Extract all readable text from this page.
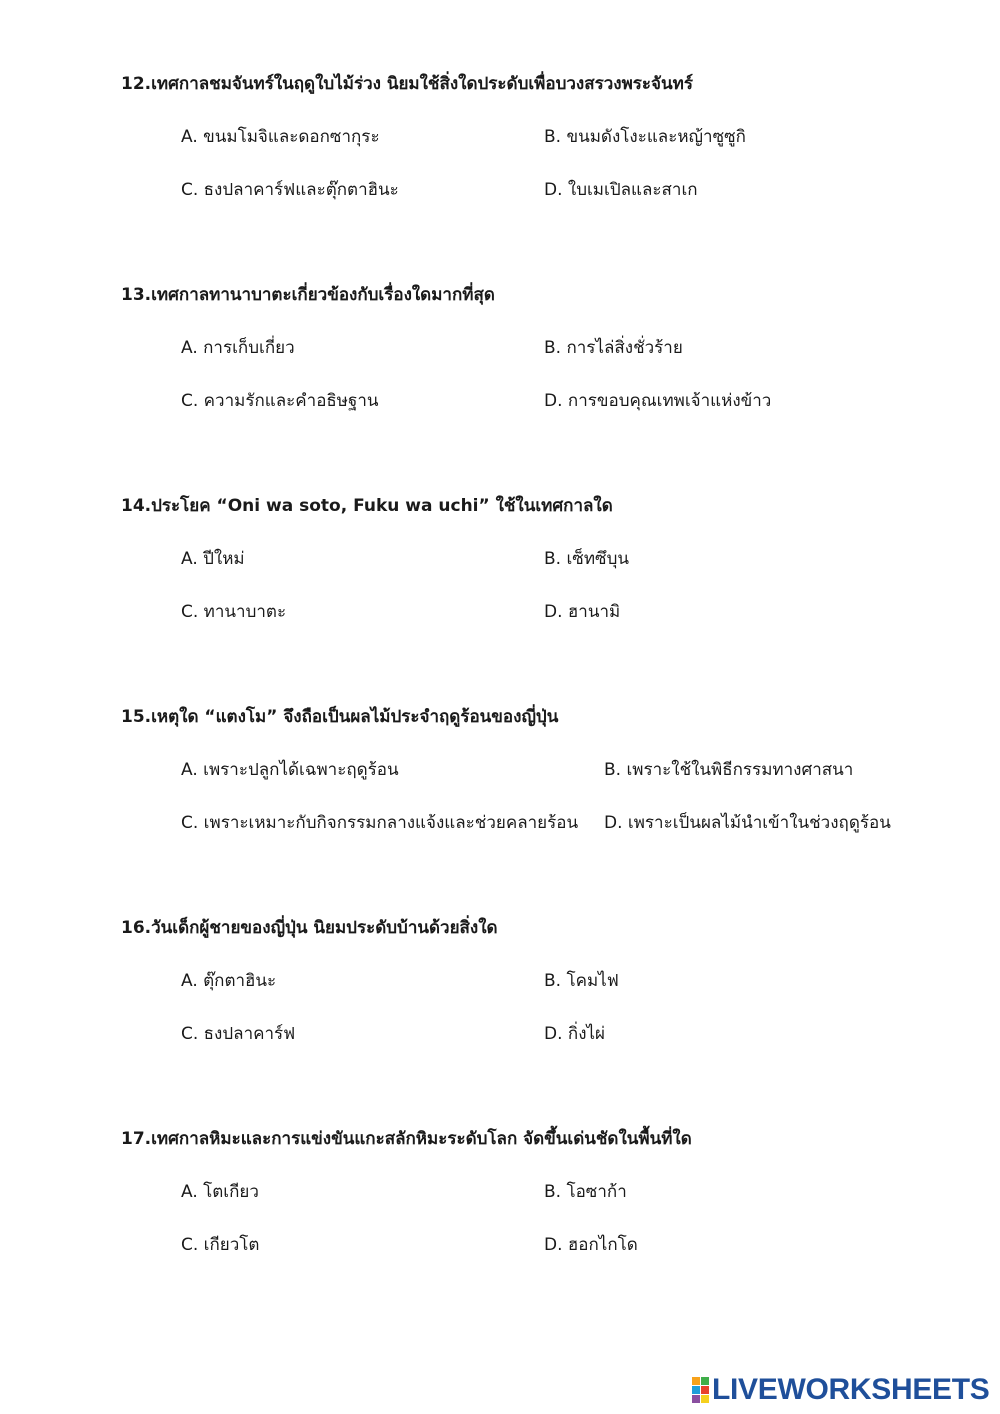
12.เทศกาลชมจันทร์ในฤดูใบไม้ร่วง นิยมใช้สิ่งใดประดับเพื่อบวงสรวงพระจันทร์
A. ขนมโมจิและดอกซากุระ	B. ขนมดังโงะและหญ้าซูซูกิ
C. ธงปลาคาร์ฟและตุ๊กตาฮินะ	D. ใบเมเปิลและสาเก
13.เทศกาลทานาบาตะเกี่ยวข้องกับเรื่องใดมากที่สุด
A. การเก็บเกี่ยว	B. การไล่สิ่งชั่วร้าย
C. ความรักและคำอธิษฐาน	D. การขอบคุณเทพเจ้าแห่งข้าว
14.ประโยค “Oni wa soto, Fuku wa uchi” ใช้ในเทศกาลใด
A. ปีใหม่	B. เซ็ทซึบุน
C. ทานาบาตะ	D. ฮานามิ
15.เหตุใด “แตงโม” จึงถือเป็นผลไม้ประจำฤดูร้อนของญี่ปุ่น
A. เพราะปลูกได้เฉพาะฤดูร้อน	B. เพราะใช้ในพิธีกรรมทางศาสนา
C. เพราะเหมาะกับกิจกรรมกลางแจ้งและช่วยคลายร้อน D. เพราะเป็นผลไม้นำเข้าในช่วงฤดูร้อน
16.วันเด็กผู้ชายของญี่ปุ่น นิยมประดับบ้านด้วยสิ่งใด
A. ตุ๊กตาฮินะ	B. โคมไฟ
C. ธงปลาคาร์ฟ	D. กิ่งไผ่
17.เทศกาลหิมะและการแข่งขันแกะสลักหิมะระดับโลก จัดขึ้นเด่นชัดในพื้นที่ใด
A. โตเกียว	B. โอซาก้า
C. เกียวโต	D. ฮอกไกโด
LIVEWORKSHEETS
